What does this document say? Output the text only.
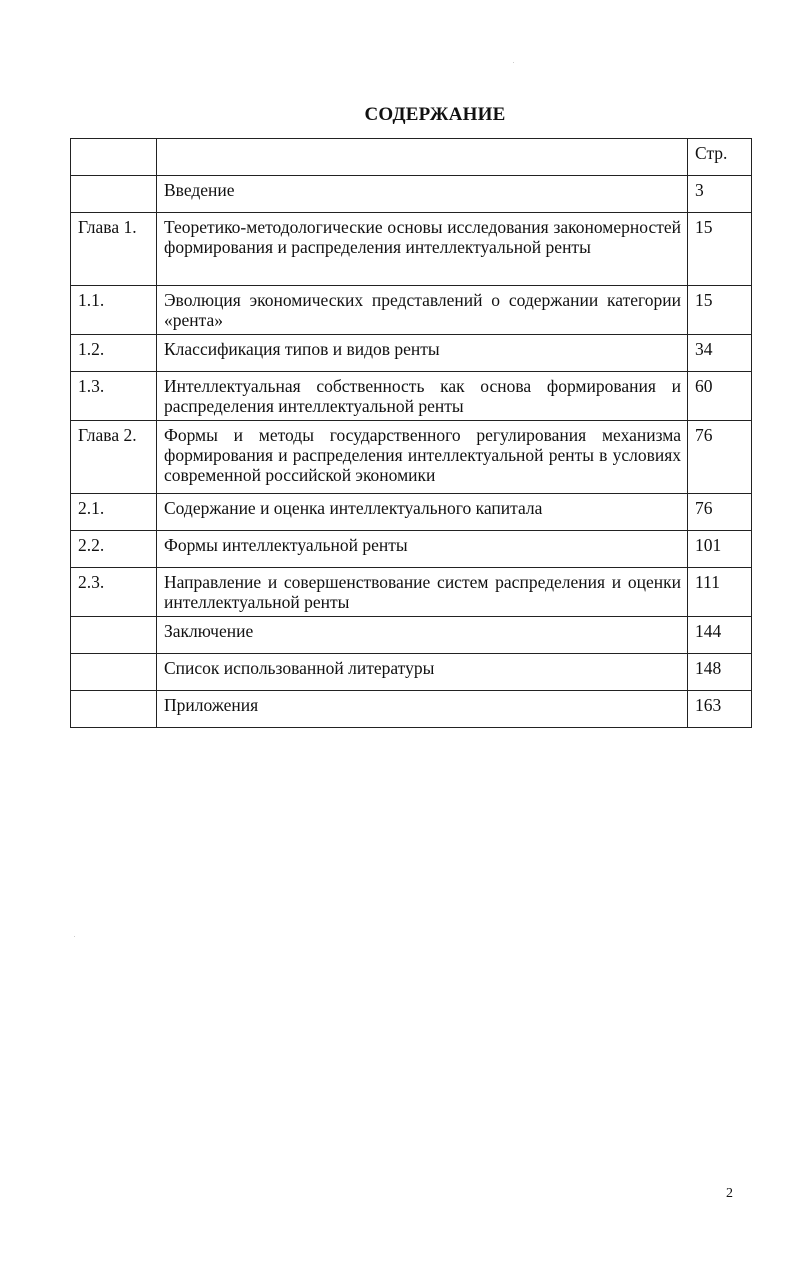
СОДЕРЖАНИЕ
		Стр.
	Введение	3
Глава 1.	Теоретико-методологические основы исследования закономерностей формирования и распределения интеллектуальной ренты	15
1.1.	Эволюция экономических представлений о содержании категории «рента»	15
1.2.	Классификация типов и видов ренты	34
1.3.	Интеллектуальная собственность как основа формирования и распределения интеллектуальной ренты	60
Глава 2.	Формы и методы государственного регулирования механизма формирования и распределения интеллектуальной ренты в условиях современной российской экономики	76
2.1.	Содержание и оценка интеллектуального капитала	76
2.2.	Формы интеллектуальной ренты	101
2.3.	Направление и совершенствование систем распределения и оценки интеллектуальной ренты	111
	Заключение	144
	Список использованной литературы	148
	Приложения	163
2
